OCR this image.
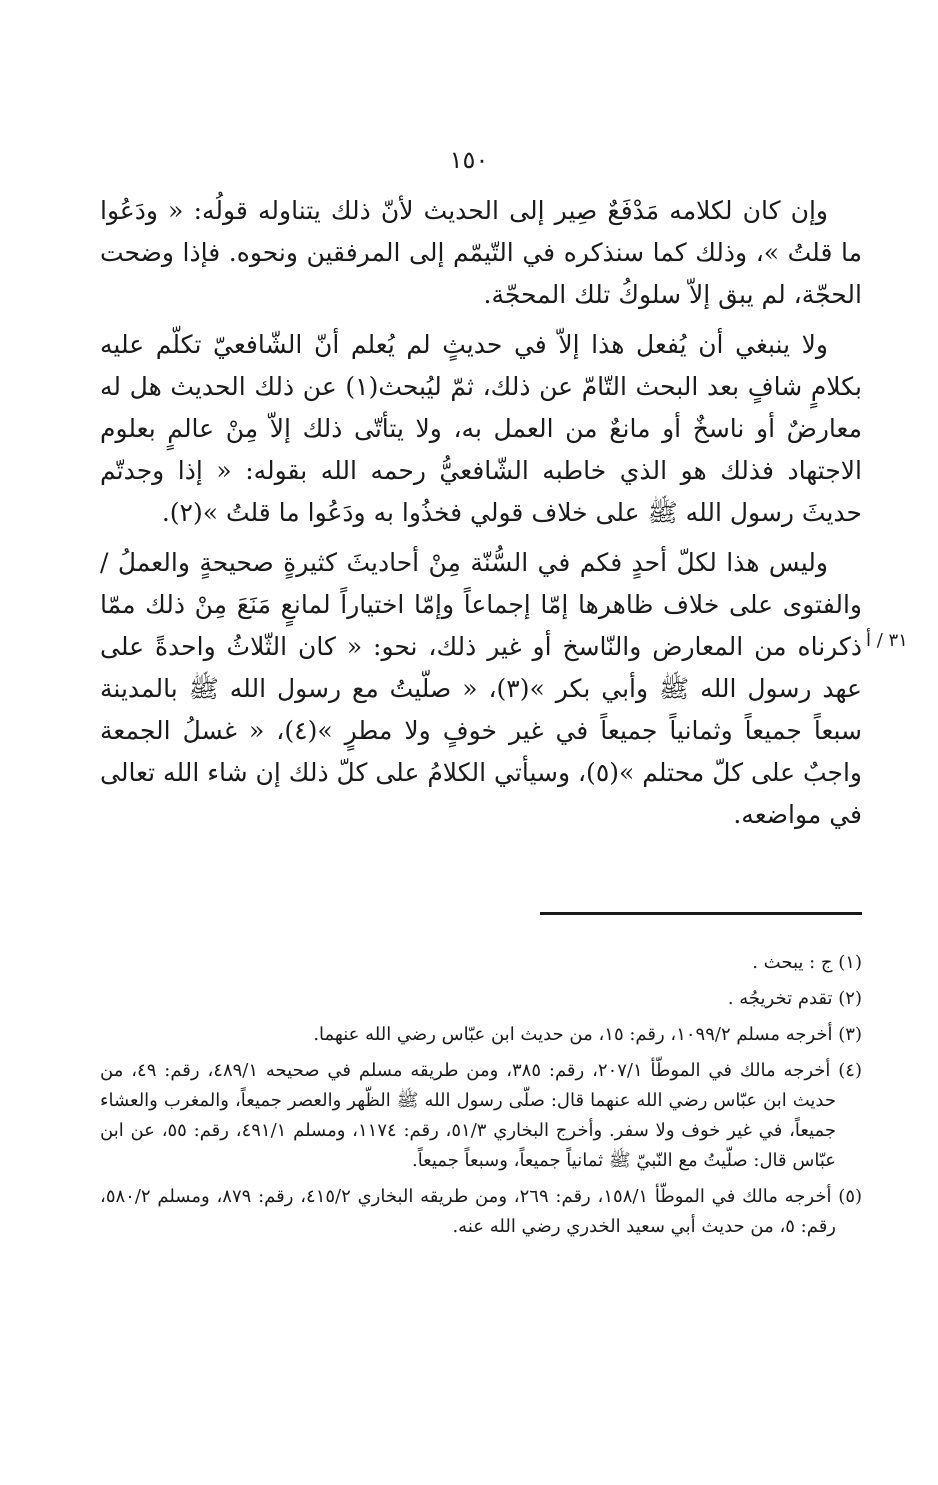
١٥٠
٣١ / أ

وإن كان لكلامه مَدْفَعٌ صِير إلى الحديث لأنّ ذلك يتناوله قولُه: « ودَعُوا ما قلتُ »، وذلك كما سنذكره في التّيمّم إلى المرفقين ونحوه. فإذا وضحت الحجّة، لم يبق إلاّ سلوكُ تلك المحجّة.

ولا ينبغي أن يُفعل هذا إلاّ في حديثٍ لم يُعلم أنّ الشّافعيّ تكلّم عليه بكلامٍ شافٍ بعد البحث التّامّ عن ذلك، ثمّ ليُبحث(١) عن ذلك الحديث هل له معارضٌ أو ناسخٌ أو مانعٌ من العمل به، ولا يتأتّى ذلك إلاّ مِنْ عالمٍ بعلوم الاجتهاد فذلك هو الذي خاطبه الشّافعيُّ رحمه الله بقوله: « إذا وجدتّم حديثَ رسول الله ﷺ على خلاف قولي فخذُوا به ودَعُوا ما قلتُ »(٢).

وليس هذا لكلّ أحدٍ فكم في السُّنّة مِنْ أحاديثَ كثيرةٍ صحيحةٍ والعملُ / والفتوى على خلاف ظاهرها إمّا إجماعاً وإمّا اختياراً لمانعٍ مَنَعَ مِنْ ذلك ممّا ذكرناه من المعارض والنّاسخ أو غير ذلك، نحو: « كان الثّلاثُ واحدةً على عهد رسول الله ﷺ وأبي بكر »(٣)، « صلّيتُ مع رسول الله ﷺ بالمدينة سبعاً جميعاً وثمانياً جميعاً في غير خوفٍ ولا مطرٍ »(٤)، « غسلُ الجمعة واجبٌ على كلّ محتلم »(٥)، وسيأتي الكلامُ على كلّ ذلك إن شاء الله تعالى في مواضعه.

(١) ج : يبحث .
(٢) تقدم تخريجُه .
(٣) أخرجه مسلم ١٠٩٩/٢، رقم: ١٥، من حديث ابن عبّاس رضي الله عنهما.
(٤) أخرجه مالك في الموطّأ ٢٠٧/١، رقم: ٣٨٥، ومن طريقه مسلم في صحيحه ٤٨٩/١، رقم: ٤٩، من حديث ابن عبّاس رضي الله عنهما قال: صلّى رسول الله ﷺ الظّهر والعصر جميعاً، والمغرب والعشاء جميعاً، في غير خوف ولا سفر. وأخرج البخاري ٥١/٣، رقم: ١١٧٤، ومسلم ٤٩١/١، رقم: ٥٥، عن ابن عبّاس قال: صلّيتُ مع النّبيّ ﷺ ثمانياً جميعاً، وسبعاً جميعاً.
(٥) أخرجه مالك في الموطّأ ١٥٨/١، رقم: ٢٦٩، ومن طريقه البخاري ٤١٥/٢، رقم: ٨٧٩، ومسلم ٥٨٠/٢، رقم: ٥، من حديث أبي سعيد الخدري رضي الله عنه.
